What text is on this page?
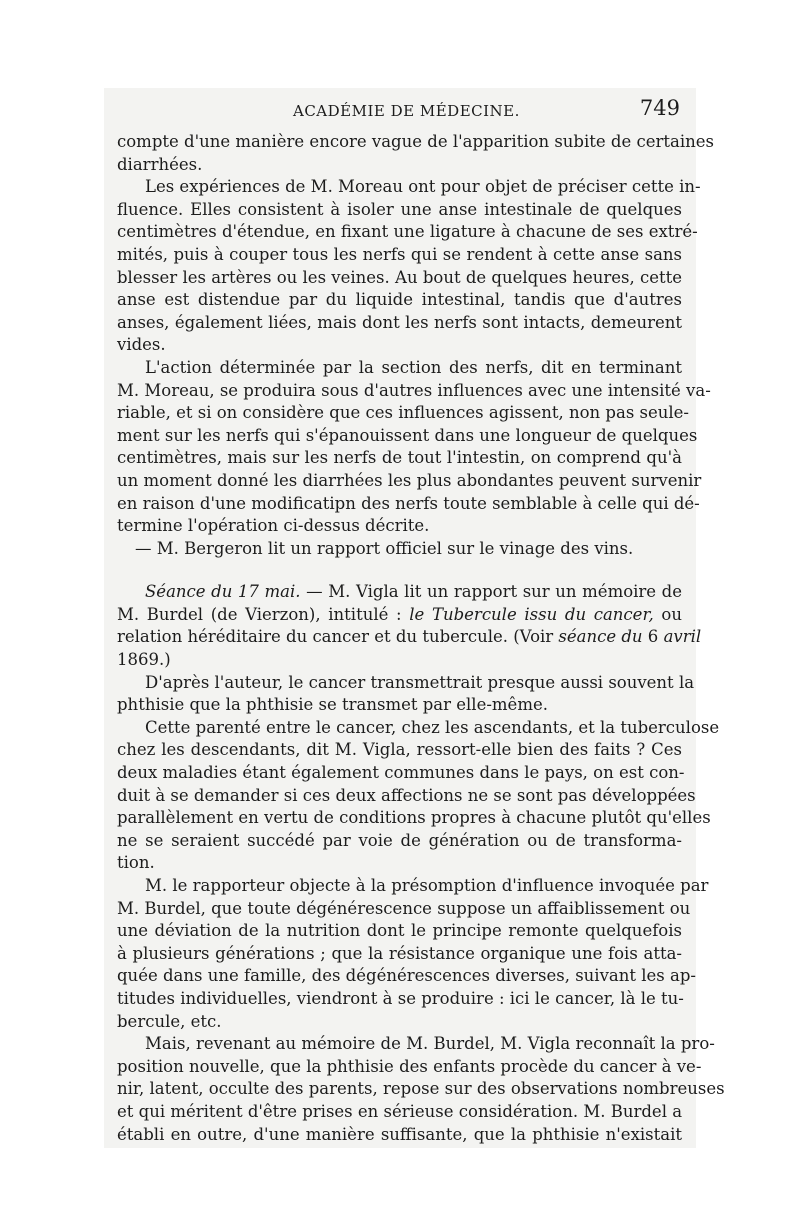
ACADÉMIE DE MÉDECINE.	749
compte d'une manière encore vague de l'apparition subite de certaines
diarrhées.
Les expériences de M. Moreau ont pour objet de préciser cette in-
fluence. Elles consistent à isoler une anse intestinale de quelques
centimètres d'étendue, en fixant une ligature à chacune de ses extré-
mités, puis à couper tous les nerfs qui se rendent à cette anse sans
blesser les artères ou les veines. Au bout de quelques heures, cette
anse est distendue par du liquide intestinal, tandis que d'autres
anses, également liées, mais dont les nerfs sont intacts, demeurent
vides.
L'action déterminée par la section des nerfs, dit en terminant
M. Moreau, se produira sous d'autres influences avec une intensité va-
riable, et si on considère que ces influences agissent, non pas seule-
ment sur les nerfs qui s'épanouissent dans une longueur de quelques
centimètres, mais sur les nerfs de tout l'intestin, on comprend qu'à
un moment donné les diarrhées les plus abondantes peuvent survenir
en raison d'une modificatipn des nerfs toute semblable à celle qui dé-
termine l'opération ci-dessus décrite.
— M. Bergeron lit un rapport officiel sur le vinage des vins.
Séance du 17 mai. — M. Vigla lit un rapport sur un mémoire de
M. Burdel (de Vierzon), intitulé : le Tubercule issu du cancer, ou
relation héréditaire du cancer et du tubercule. (Voir séance du 6 avril
1869.)
D'après l'auteur, le cancer transmettrait presque aussi souvent la
phthisie que la phthisie se transmet par elle-même.
Cette parenté entre le cancer, chez les ascendants, et la tuberculose
chez les descendants, dit M. Vigla, ressort-elle bien des faits ? Ces
deux maladies étant également communes dans le pays, on est con-
duit à se demander si ces deux affections ne se sont pas développées
parallèlement en vertu de conditions propres à chacune plutôt qu'elles
ne se seraient succédé par voie de génération ou de transforma-
tion.
M. le rapporteur objecte à la présomption d'influence invoquée par
M. Burdel, que toute dégénérescence suppose un affaiblissement ou
une déviation de la nutrition dont le principe remonte quelquefois
à plusieurs générations ; que la résistance organique une fois atta-
quée dans une famille, des dégénérescences diverses, suivant les ap-
titudes individuelles, viendront à se produire : ici le cancer, là le tu-
bercule, etc.
Mais, revenant au mémoire de M. Burdel, M. Vigla reconnaît la pro-
position nouvelle, que la phthisie des enfants procède du cancer à ve-
nir, latent, occulte des parents, repose sur des observations nombreuses
et qui méritent d'être prises en sérieuse considération. M. Burdel a
établi en outre, d'une manière suffisante, que la phthisie n'existait
